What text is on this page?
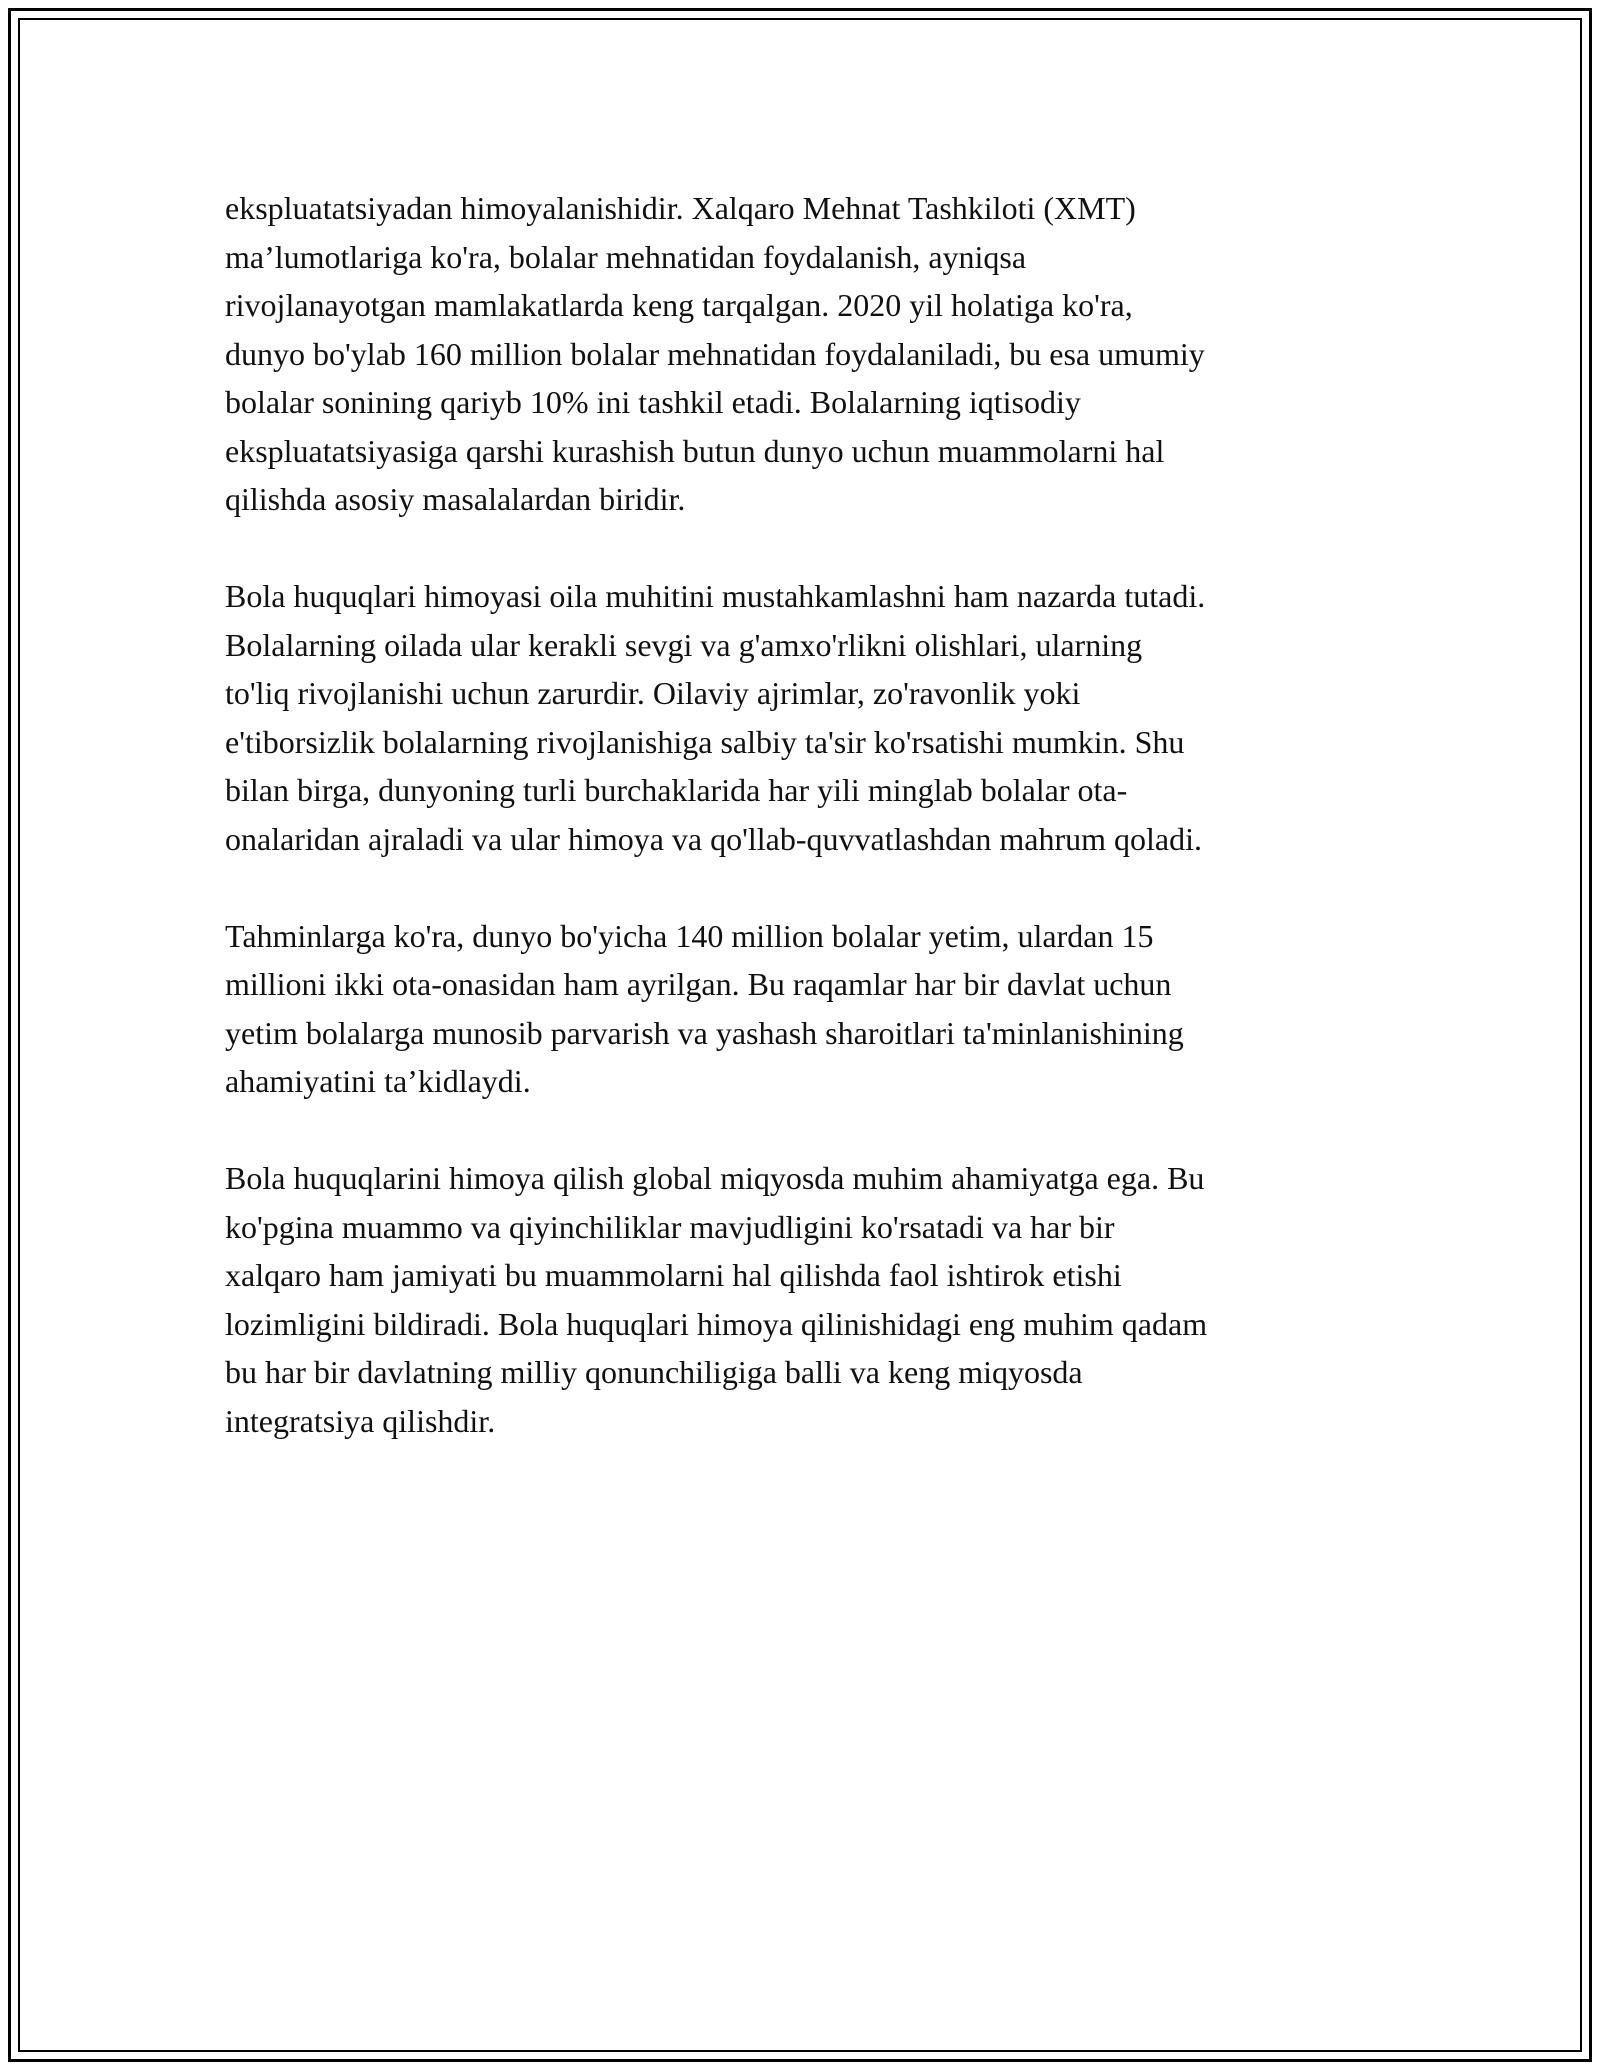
ekspluatatsiyadan himoyalanishidir. Xalqaro Mehnat Tashkiloti (XMT)
ma’lumotlariga ko'ra, bolalar mehnatidan foydalanish, ayniqsa
rivojlanayotgan mamlakatlarda keng tarqalgan. 2020 yil holatiga ko'ra,
dunyo bo'ylab 160 million bolalar mehnatidan foydalaniladi, bu esa umumiy
bolalar sonining qariyb 10% ini tashkil etadi. Bolalarning iqtisodiy
ekspluatatsiyasiga qarshi kurashish butun dunyo uchun muammolarni hal
qilishda asosiy masalalardan biridir.

Bola huquqlari himoyasi oila muhitini mustahkamlashni ham nazarda tutadi.
Bolalarning oilada ular kerakli sevgi va g'amxo'rlikni olishlari, ularning
to'liq rivojlanishi uchun zarurdir. Oilaviy ajrimlar, zo'ravonlik yoki
e'tiborsizlik bolalarning rivojlanishiga salbiy ta'sir ko'rsatishi mumkin. Shu
bilan birga, dunyoning turli burchaklarida har yili minglab bolalar ota-
onalaridan ajraladi va ular himoya va qo'llab-quvvatlashdan mahrum qoladi.

Tahminlarga ko'ra, dunyo bo'yicha 140 million bolalar yetim, ulardan 15
millioni ikki ota-onasidan ham ayrilgan. Bu raqamlar har bir davlat uchun
yetim bolalarga munosib parvarish va yashash sharoitlari ta'minlanishining
ahamiyatini ta’kidlaydi.

Bola huquqlarini himoya qilish global miqyosda muhim ahamiyatga ega. Bu
ko'pgina muammo va qiyinchiliklar mavjudligini ko'rsatadi va har bir
xalqaro ham jamiyati bu muammolarni hal qilishda faol ishtirok etishi
lozimligini bildiradi. Bola huquqlari himoya qilinishidagi eng muhim qadam
bu har bir davlatning milliy qonunchiligiga balli va keng miqyosda
integratsiya qilishdir.
